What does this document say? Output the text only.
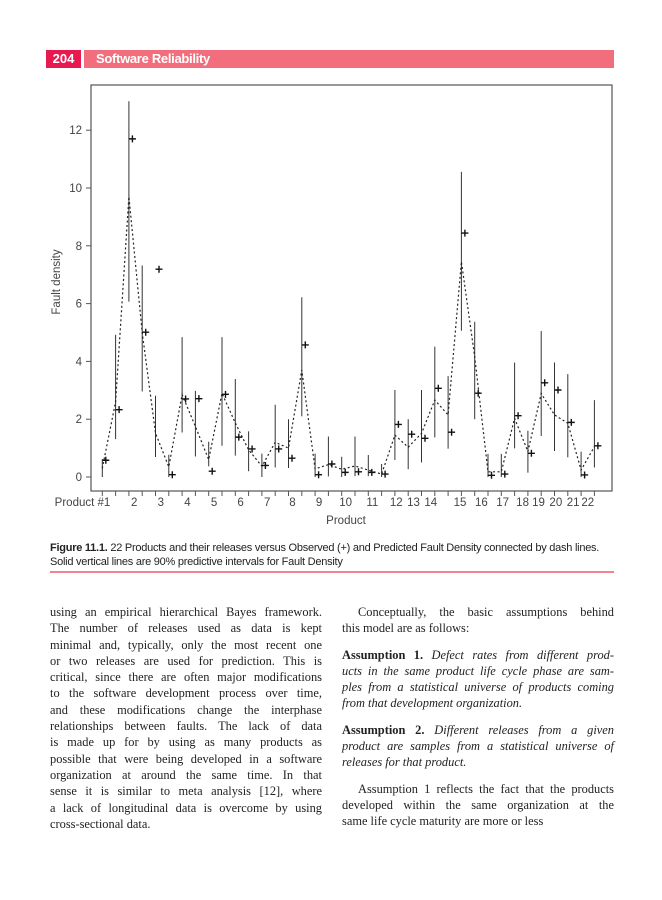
204	Software Reliability
0
2
4
6
8
10
12
Product #1 2 3 4 5 6 7 8 9 10 11 12 13 14 15 16 17 18 19 20 21 22
Product
Fault density
Figure 11.1. 22 Products and their releases versus Observed (+) and Predicted Fault Density connected by dash lines. Solid vertical lines are 90% predictive intervals for Fault Density
using an empirical hierarchical Bayes framework.
The number of releases used as data is kept
minimal and, typically, only the most recent one
or two releases are used for prediction. This is
critical, since there are often major modifications
to the software development process over time,
and these modifications change the interphase
relationships between faults. The lack of data
is made up for by using as many products as
possible that were being developed in a software
organization at around the same time. In that
sense it is similar to meta analysis [12], where
a lack of longitudinal data is overcome by using
cross-sectional data.
Conceptually, the basic assumptions behind
this model are as follows:
Assumption 1. Defect rates from different prod-
ucts in the same product life cycle phase are sam-
ples from a statistical universe of products coming
from that development organization.
Assumption 2. Different releases from a given
product are samples from a statistical universe of
releases for that product.
Assumption 1 reflects the fact that the products
developed within the same organization at the
same life cycle maturity are more or less
